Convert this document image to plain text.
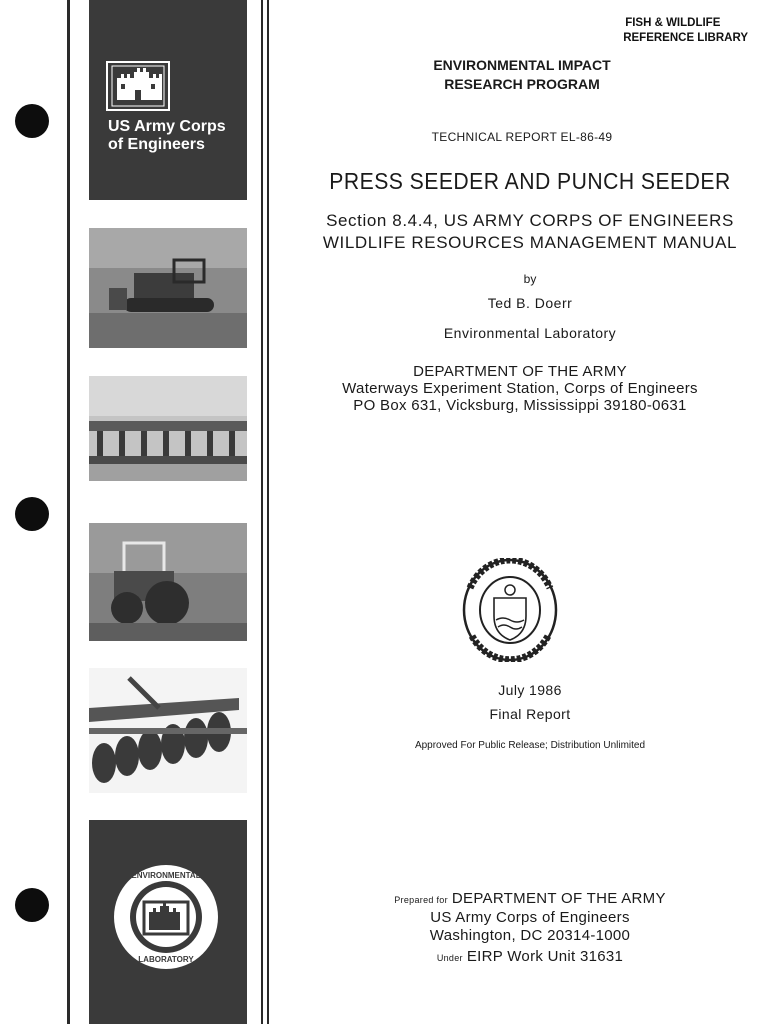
US Army Corps
of Engineers
ENVIRONMENTAL
LABORATORY
FISH & WILDLIFE
REFERENCE LIBRARY
ENVIRONMENTAL IMPACT
RESEARCH PROGRAM
TECHNICAL REPORT EL-86-49
PRESS SEEDER AND PUNCH SEEDER
Section 8.4.4, US ARMY CORPS OF ENGINEERS
WILDLIFE RESOURCES MANAGEMENT MANUAL
by
Ted B. Doerr
Environmental Laboratory
DEPARTMENT OF THE ARMY
Waterways Experiment Station, Corps of Engineers
PO Box 631, Vicksburg, Mississippi 39180-0631
July 1986
Final Report
Approved For Public Release; Distribution Unlimited
Prepared for DEPARTMENT OF THE ARMY
US Army Corps of Engineers
Washington, DC 20314-1000
Under EIRP Work Unit 31631
